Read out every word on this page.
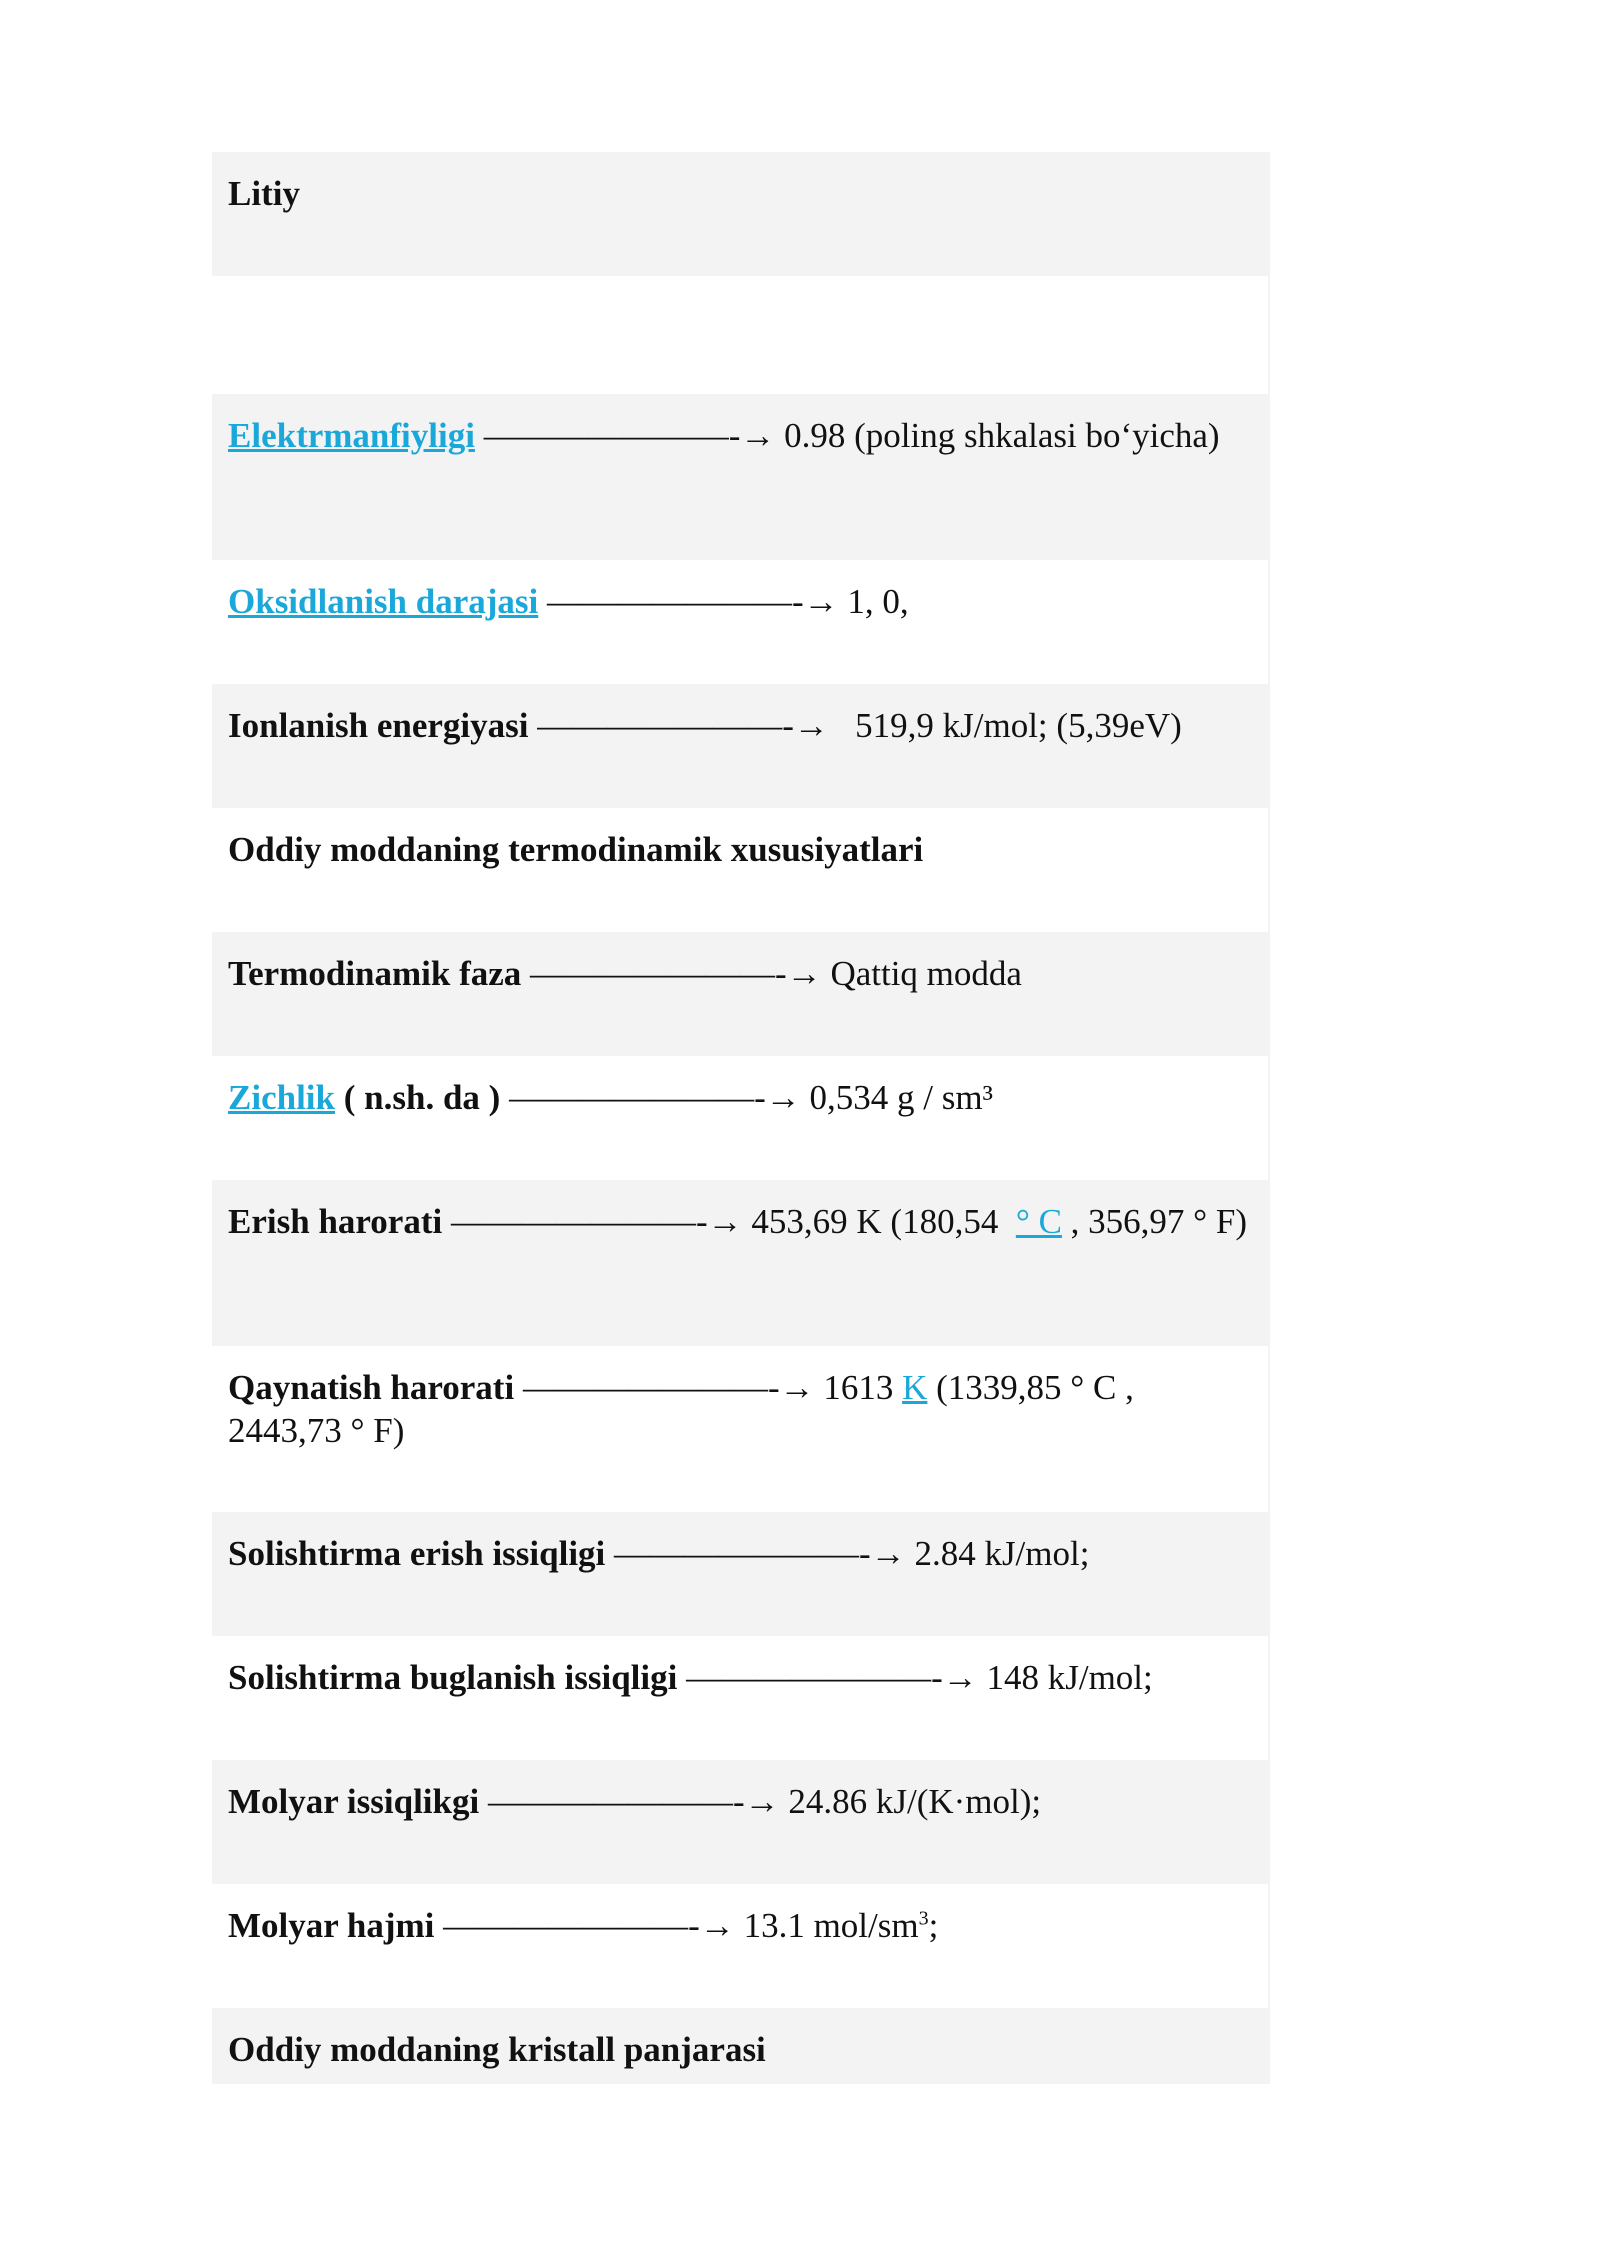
Litiy
Elektrmanfiyligi ———————-→ 0.98 (poling shkalasi bo‘yicha)
Oksidlanish darajasi ———————-→ 1, 0,
Ionlanish energiyasi ———————-→ 519,9 kJ/mol; (5,39eV)
Oddiy moddaning termodinamik xususiyatlari
Termodinamik faza ———————-→ Qattiq modda
Zichlik ( n.sh. da ) ———————-→ 0,534 g / sm³
Erish harorati ———————-→ 453,69 K (180,54 ° C , 356,97 ° F)
Qaynatish harorati ———————-→ 1613 K (1339,85 ° C , 2443,73 ° F)
Solishtirma erish issiqligi ———————-→ 2.84 kJ/mol;
Solishtirma buglanish issiqligi ———————-→ 148 kJ/mol;
Molyar issiqlikgi ———————-→ 24.86 kJ/(K·mol);
Molyar hajmi ———————-→ 13.1 mol/$sm^3$;
Oddiy moddaning kristall panjarasi
